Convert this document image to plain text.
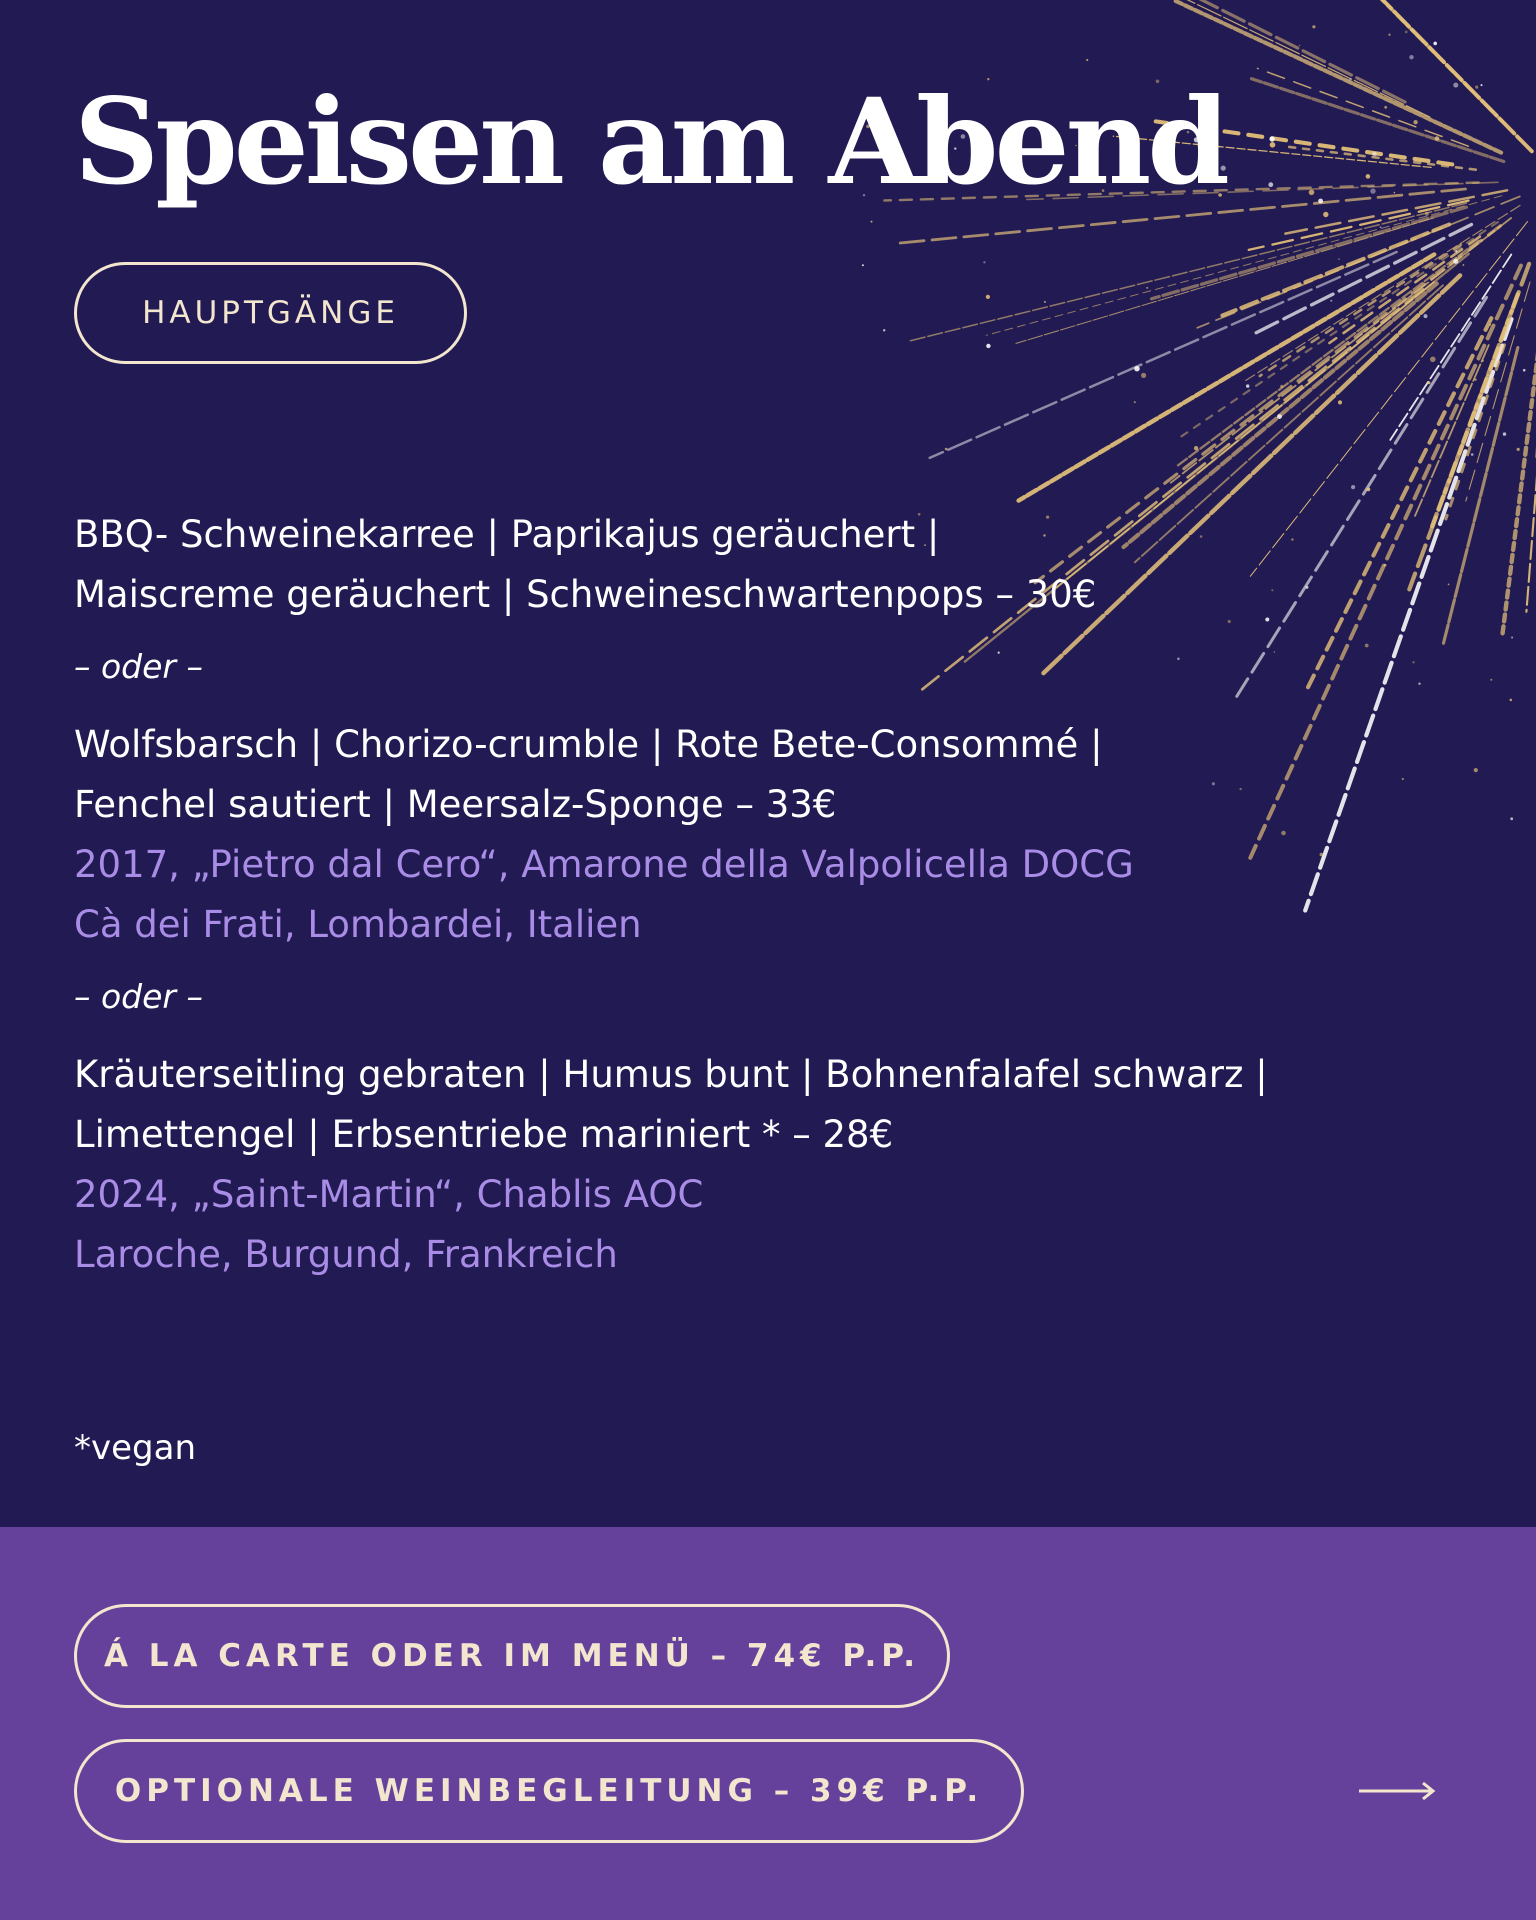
Speisen am Abend
HAUPTGÄNGE

BBQ- Schweinekarree | Paprikajus geräuchert |

Maiscreme geräuchert | Schweineschwartenpops – 30€

– oder –

Wolfsbarsch | Chorizo-crumble | Rote Bete-Consommé |

Fenchel sautiert | Meersalz-Sponge – 33€

2017, „Pietro dal Cero“, Amarone della Valpolicella DOCG

Cà dei Frati, Lombardei, Italien

– oder –

Kräuterseitling gebraten | Humus bunt | Bohnenfalafel schwarz |

Limettengel | Erbsentriebe mariniert * – 28€

2024, „Saint-Martin“, Chablis AOC

Laroche, Burgund, Frankreich

*vegan

Á LA CARTE ODER IM MENÜ – 74€ P.P.
OPTIONALE WEINBEGLEITUNG – 39€ P.P.
